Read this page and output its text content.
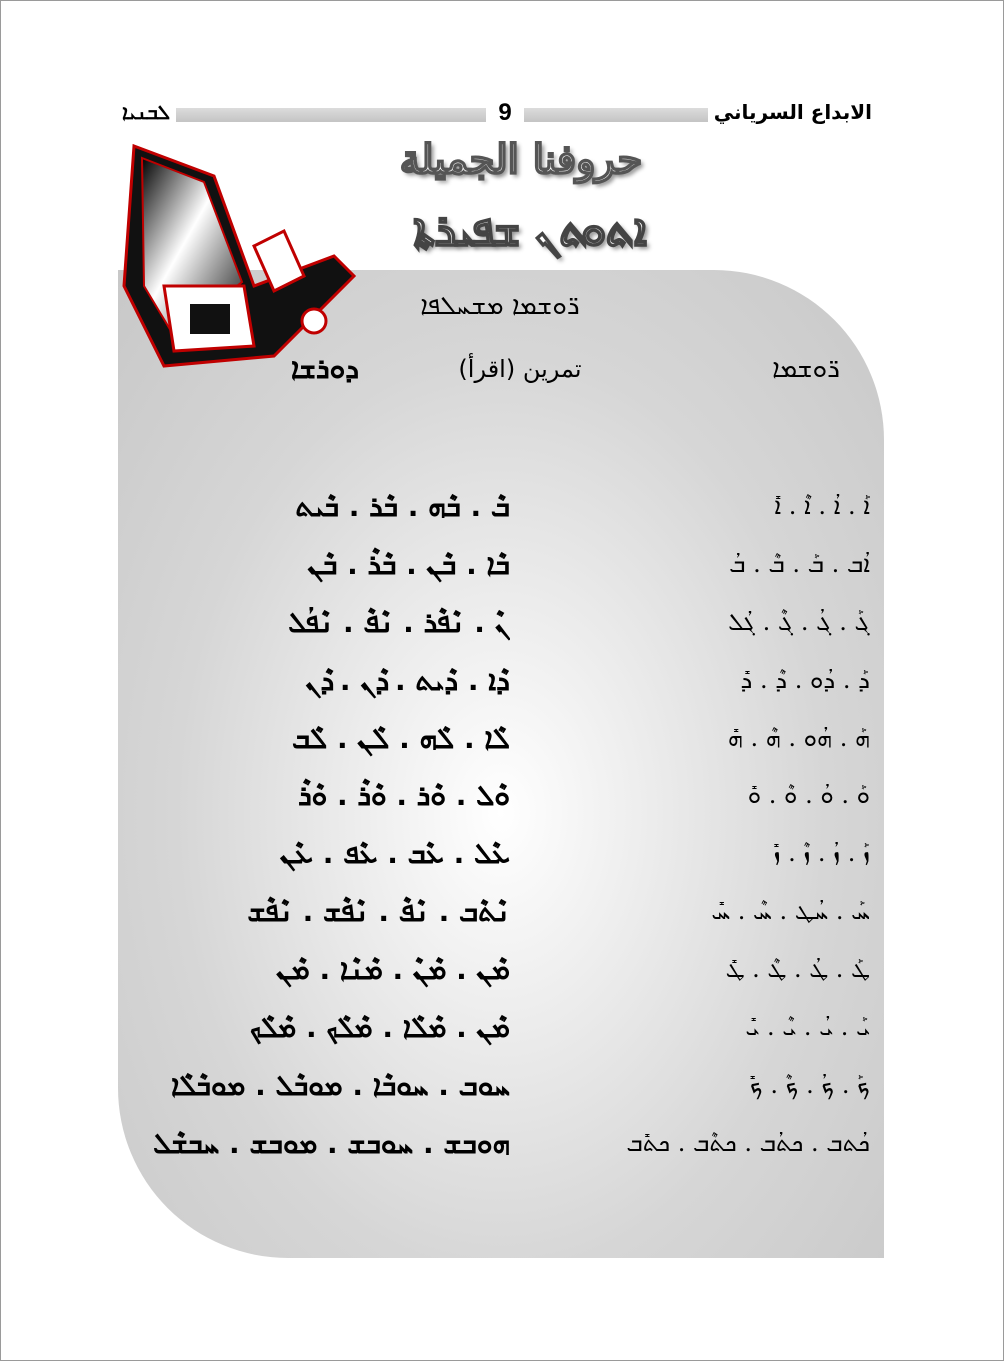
ܠܒܢܝܐ	9	الابداع السرياني
حروفنا الجميلة
ܐܬܘܬܢ ܫܦܝܪܬܐ
ܪ̈ܘܫܡܐ ܡܫܚܠܦܐ
ܪ̈ܘܫܡܐ
تمرين (اقرأ)
ܕܘܪܫܐ
ܐܰ . ܐܳ . ܐܶ . ܐܺ
ܐܳܒ . ܒܰ . ܒܶ . ܒܳ
ܓܰ . ܓܳ . ܓܶ . ܓܳܠ
ܕܰ . ܕܳܘ . ܕܶ . ܕܺ
ܗܰ . ܗܳܘ . ܗܶ . ܗܺ
ܘܰ . ܘܳ . ܘܶ . ܘܺ
ܙܰ . ܙܳ . ܙܶ . ܙܺ
ܚܰ . ܚܳܛ . ܚܶ . ܚܺ
ܛܰ . ܛܳ . ܛܶ . ܛܺ
ܝܰ . ܝܳ . ܝܶ . ܝܺ
ܟܰ . ܟܳ . ܟܶ . ܟܺ
ܟܳܬܒ . ܟܬܳܒ . ܟܬܶܒ . ܟܬܺܒ
ܒܶ . ܒܶܗ . ܒܶܪ . ܒܶܝܬ
ܒܶܐ . ܒܶܢ . ܒܶܪܶ . ܒܶܢ
ܢܶ . ܢܶܦܶܪ . ܢܶܦܶ . ܢܶܦܳܠ
ܕܶܐ . ܕܶܝܬ . ܕܶܢ . ܕܶܢ
ܠܶܐ . ܠܶܗ . ܠܶܢ . ܠܶܒ
ܘܶܠ . ܘܶܪ . ܘܶܪܶ . ܘܶܪܶ
ܥܶܠ . ܥܶܒ . ܥܶܦ . ܥܶܢ
ܢܶܬܶܒ . ܢܶܦܶ . ܢܶܦܶܫ . ܢܶܦܶܫ
ܡܶܢ . ܡܶܢܶ . ܡܶܢܶܐ . ܡܶܢ
ܡܶܢ . ܡܶܠܶܐ . ܡܶܠܶܟ . ܡܶܠܶܟ
ܚܘܒ . ܚܘܒܶܐ . ܡܘܒܶܠ . ܡܘܒܶܠܶܐ
ܗܘܒܫ . ܚܘܒܫ . ܡܘܒܫ . ܚܒܫܶܠ
